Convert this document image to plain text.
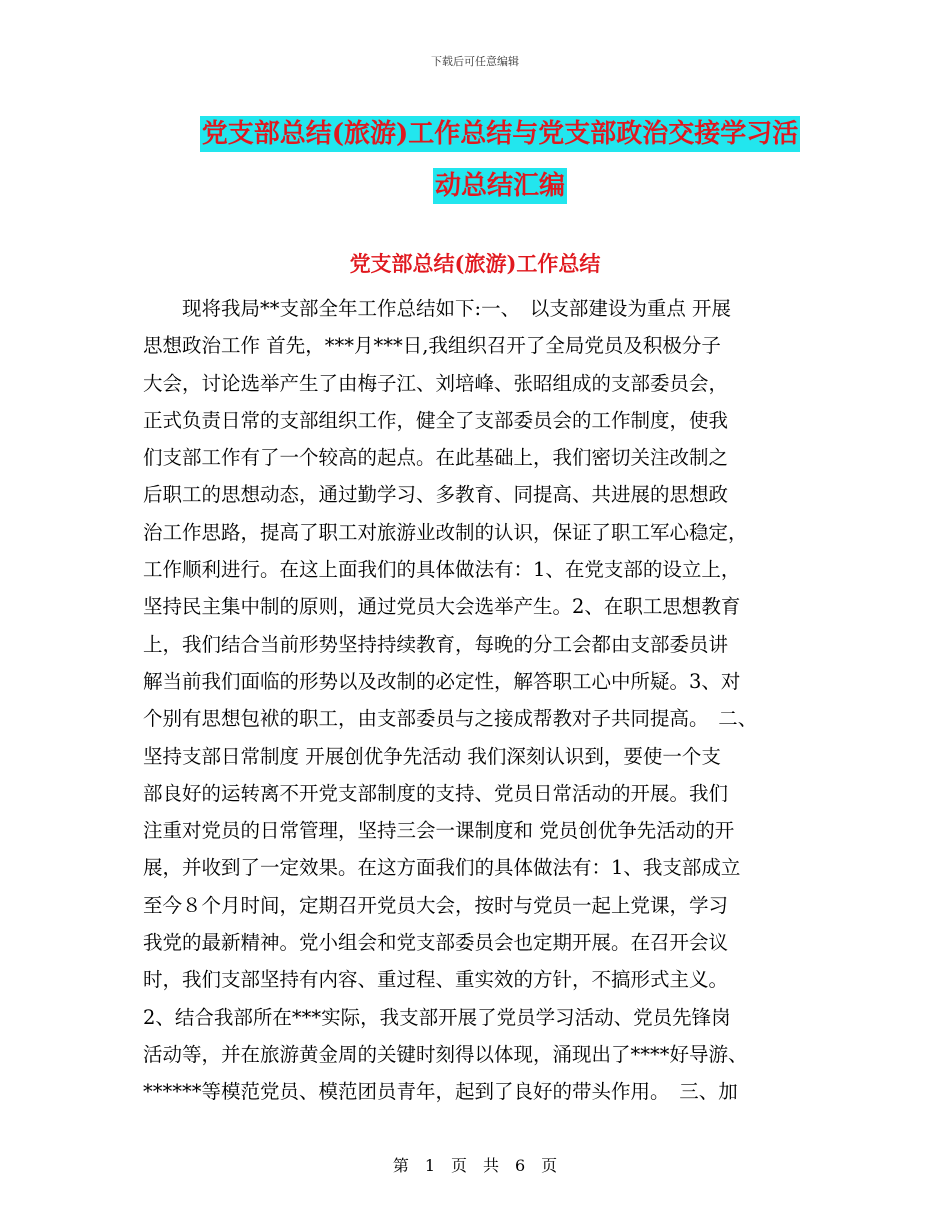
下载后可任意编辑
党支部总结(旅游)工作总结与党支部政治交接学习活
动总结汇编
党支部总结(旅游)工作总结
　　现将我局**支部全年工作总结如下:一、　以支部建设为重点 开展
思想政治工作 首先，***月***日,我组织召开了全局党员及积极分子
大会，讨论选举产生了由梅子江、刘培峰、张昭组成的支部委员会，
正式负责日常的支部组织工作，健全了支部委员会的工作制度，使我
们支部工作有了一个较高的起点。在此基础上，我们密切关注改制之
后职工的思想动态，通过勤学习、多教育、同提高、共进展的思想政
治工作思路，提高了职工对旅游业改制的认识，保证了职工军心稳定，
工作顺利进行。在这上面我们的具体做法有：1、在党支部的设立上，
坚持民主集中制的原则，通过党员大会选举产生。2、在职工思想教育
上，我们结合当前形势坚持持续教育，每晚的分工会都由支部委员讲
解当前我们面临的形势以及改制的必定性，解答职工心中所疑。3、对
个别有思想包袱的职工，由支部委员与之接成帮教对子共同提高。　二、
坚持支部日常制度 开展创优争先活动 我们深刻认识到，要使一个支
部良好的运转离不开党支部制度的支持、党员日常活动的开展。我们
注重对党员的日常管理，坚持三会一课制度和 党员创优争先活动的开
展，并收到了一定效果。在这方面我们的具体做法有：1、我支部成立
至今８个月时间，定期召开党员大会，按时与党员一起上党课，学习
我党的最新精神。党小组会和党支部委员会也定期开展。在召开会议
时，我们支部坚持有内容、重过程、重实效的方针，不搞形式主义。
2、结合我部所在***实际，我支部开展了党员学习活动、党员先锋岗
活动等，并在旅游黄金周的关键时刻得以体现，涌现出了****好导游、
******等模范党员、模范团员青年，起到了良好的带头作用。　三、加
第　1　页　共　6　页
